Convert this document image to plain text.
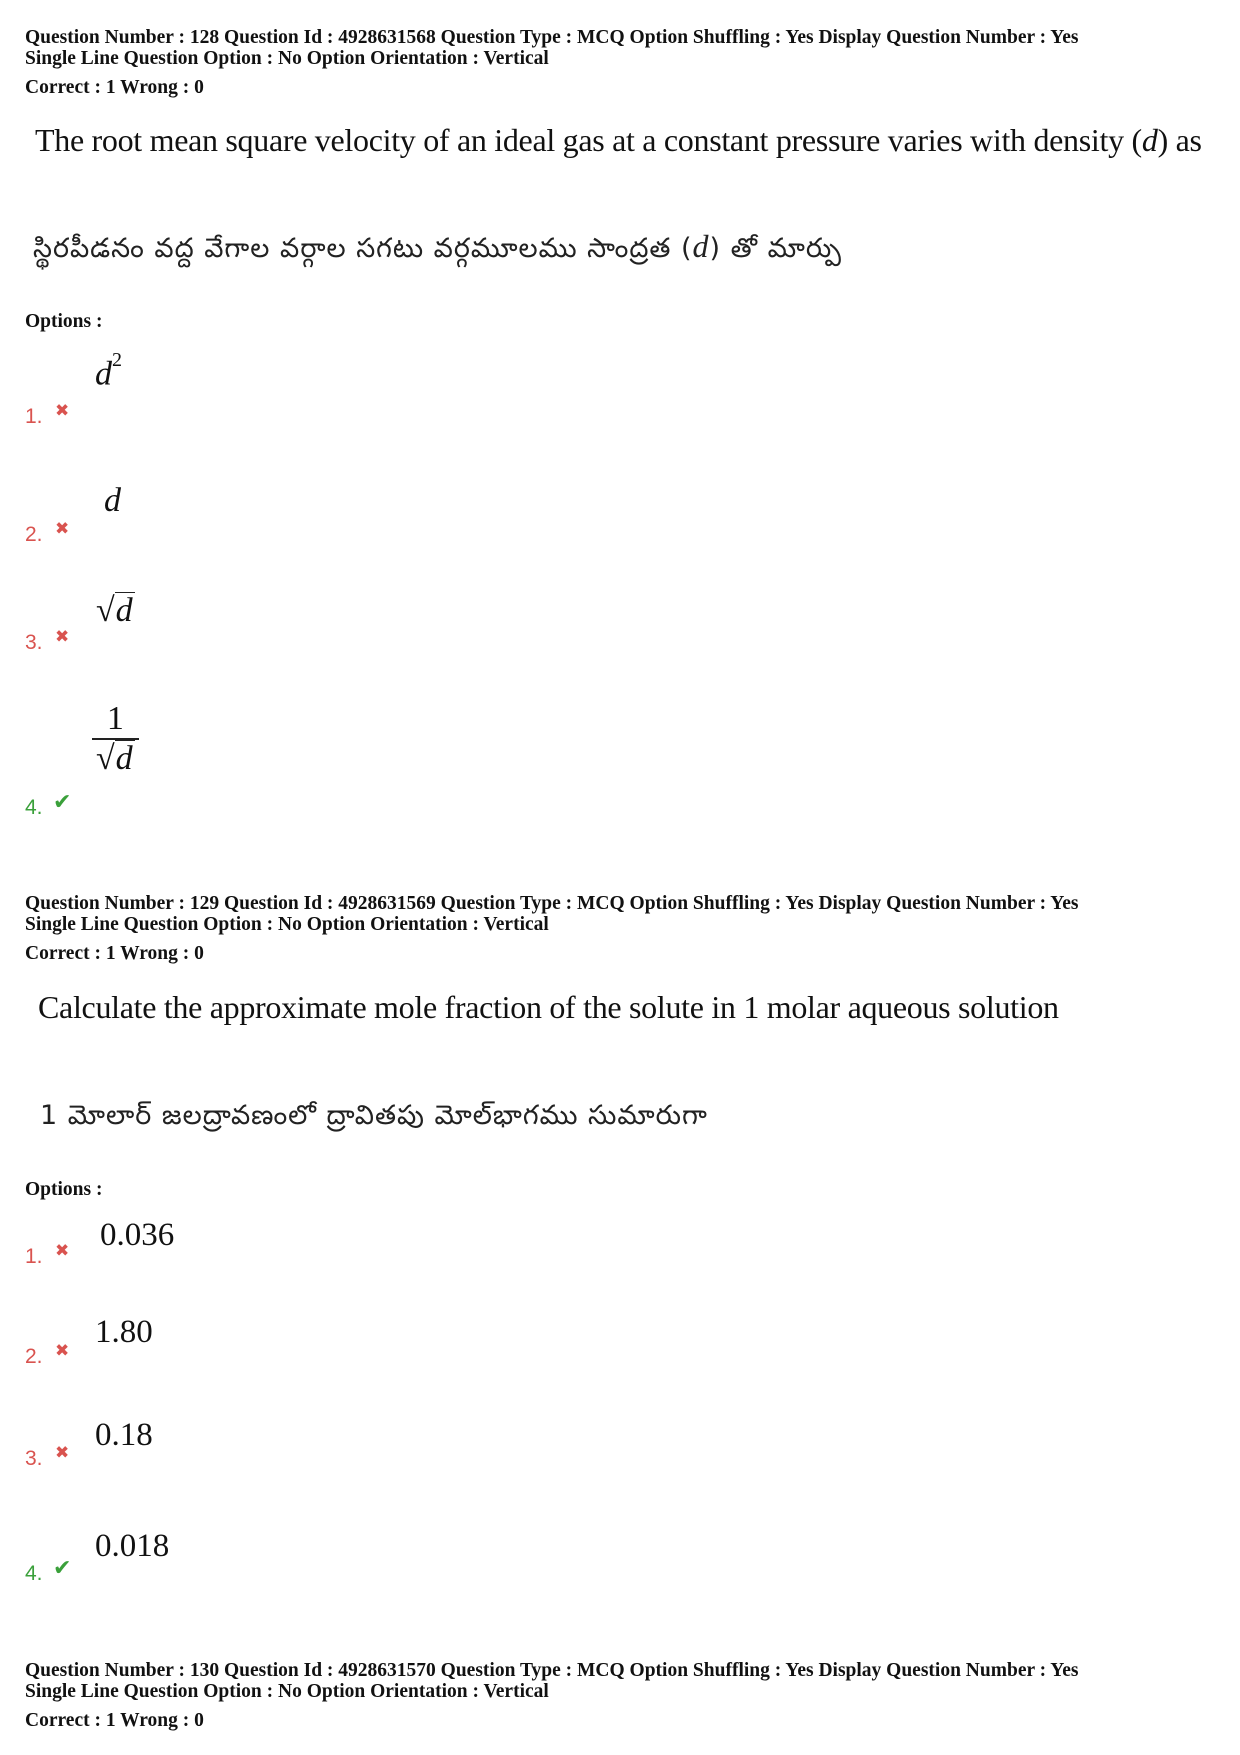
Question Number : 128 Question Id : 4928631568 Question Type : MCQ Option Shuffling : Yes Display Question Number : Yes
Single Line Question Option : No Option Orientation : Vertical
Correct : 1 Wrong : 0
The root mean square velocity of an ideal gas at a constant pressure varies with density (d) as
స్థిరపీడనం వద్ద వేగాల వర్గాల సగటు వర్గమూలము సాంద్రత (d) తో మార్పు
Options :
$d^2$
1. ✖
d
2. ✖
√d
3. ✖
$\frac{1}{√d}$
4. ✔
Question Number : 129 Question Id : 4928631569 Question Type : MCQ Option Shuffling : Yes Display Question Number : Yes
Single Line Question Option : No Option Orientation : Vertical
Correct : 1 Wrong : 0
Calculate the approximate mole fraction of the solute in 1 molar aqueous solution
1 మోలార్ జలద్రావణంలో ద్రావితపు మోల్‌భాగము సుమారుగా
Options :
0.036
1. ✖
1.80
2. ✖
0.18
3. ✖
0.018
4. ✔
Question Number : 130 Question Id : 4928631570 Question Type : MCQ Option Shuffling : Yes Display Question Number : Yes
Single Line Question Option : No Option Orientation : Vertical
Correct : 1 Wrong : 0
